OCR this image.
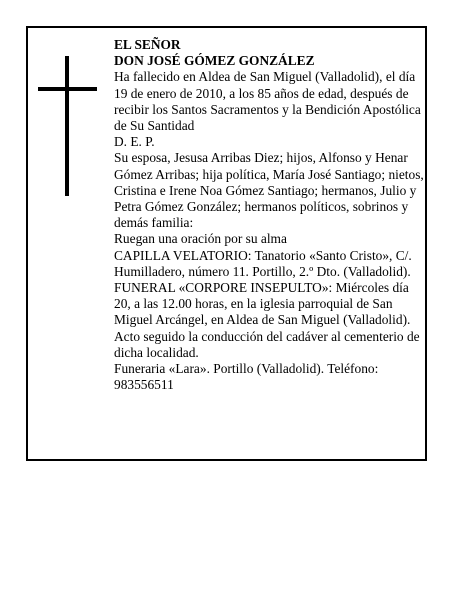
EL SEÑOR

DON JOSÉ GÓMEZ GONZÁLEZ

Ha fallecido en Aldea de San Miguel (Valladolid), el día 19 de enero de 2010, a los 85 años de edad, después de recibir los Santos Sacramentos y la Bendición Apostólica de Su Santidad

D. E. P.

Su esposa, Jesusa Arribas Diez; hijos, Alfonso y Henar Gómez Arribas; hija política, María José Santiago; nietos, Cristina e Irene Noa Gómez Santiago; hermanos, Julio y Petra Gómez González; hermanos políticos, sobrinos y demás familia:

Ruegan una oración por su alma

CAPILLA VELATORIO: Tanatorio «Santo Cristo», C/. Humilladero, número 11. Portillo, 2.º Dto. (Valladolid).

FUNERAL «CORPORE INSEPULTO»: Miércoles día 20, a las 12.00 horas, en la iglesia parroquial de San Miguel Arcángel, en Aldea de San Miguel (Valladolid). Acto seguido la conducción del cadáver al cementerio de dicha localidad.

Funeraria «Lara». Portillo (Valladolid). Teléfono: 983556511
